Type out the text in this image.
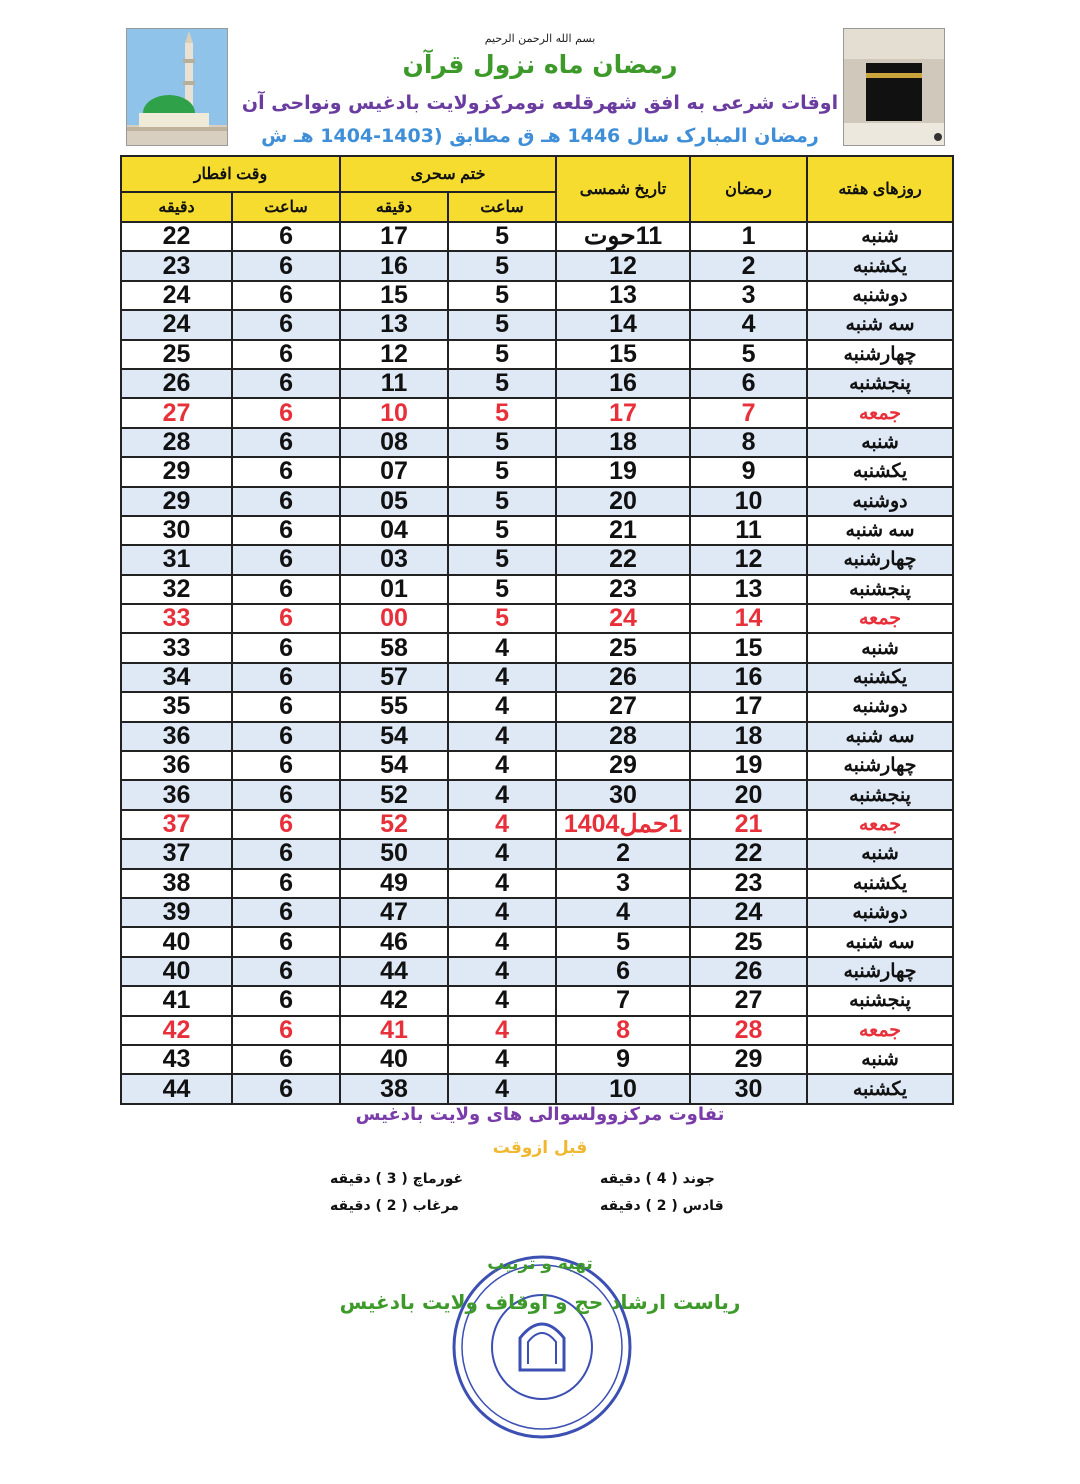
بسم الله الرحمن الرحیم
رمضان ماه نزول قرآن
اوقات شرعی به افق شهرقلعه نومرکزولایت بادغیس ونواحی آن
رمضان المبارک سال 1446 هـ ق مطابق (1403-1404 هـ ش
روزهای هفته	رمضان	تاریخ شمسی	ختم سحری		وقت افطار	
			ساعت	دقیقه	ساعت	دقیقه
شنبه	1	11حوت	5	17	6	22
یکشنبه	2	12	5	16	6	23
دوشنبه	3	13	5	15	6	24
سه شنبه	4	14	5	13	6	24
چهارشنبه	5	15	5	12	6	25
پنجشنبه	6	16	5	11	6	26
جمعه	7	17	5	10	6	27
شنبه	8	18	5	08	6	28
یکشنبه	9	19	5	07	6	29
دوشنبه	10	20	5	05	6	29
سه شنبه	11	21	5	04	6	30
چهارشنبه	12	22	5	03	6	31
پنجشنبه	13	23	5	01	6	32
جمعه	14	24	5	00	6	33
شنبه	15	25	4	58	6	33
یکشنبه	16	26	4	57	6	34
دوشنبه	17	27	4	55	6	35
سه شنبه	18	28	4	54	6	36
چهارشنبه	19	29	4	54	6	36
پنجشنبه	20	30	4	52	6	36
جمعه	21	1حمل1404	4	52	6	37
شنبه	22	2	4	50	6	37
یکشنبه	23	3	4	49	6	38
دوشنبه	24	4	4	47	6	39
سه شنبه	25	5	4	46	6	40
چهارشنبه	26	6	4	44	6	40
پنجشنبه	27	7	4	42	6	41
جمعه	28	8	4	41	6	42
شنبه	29	9	4	40	6	43
یکشنبه	30	10	4	38	6	44
تفاوت مرکزوولسوالی های ولایت بادغیس
قبل ازوقت
جوند ( 4 ) دقیقه
غورماچ ( 3 ) دقیقه
قادس ( 2 ) دقیقه
مرغاب ( 2 ) دقیقه
تهیه و ترتیب
ریاست ارشاد حج و اوقاف ولایت بادغیس
